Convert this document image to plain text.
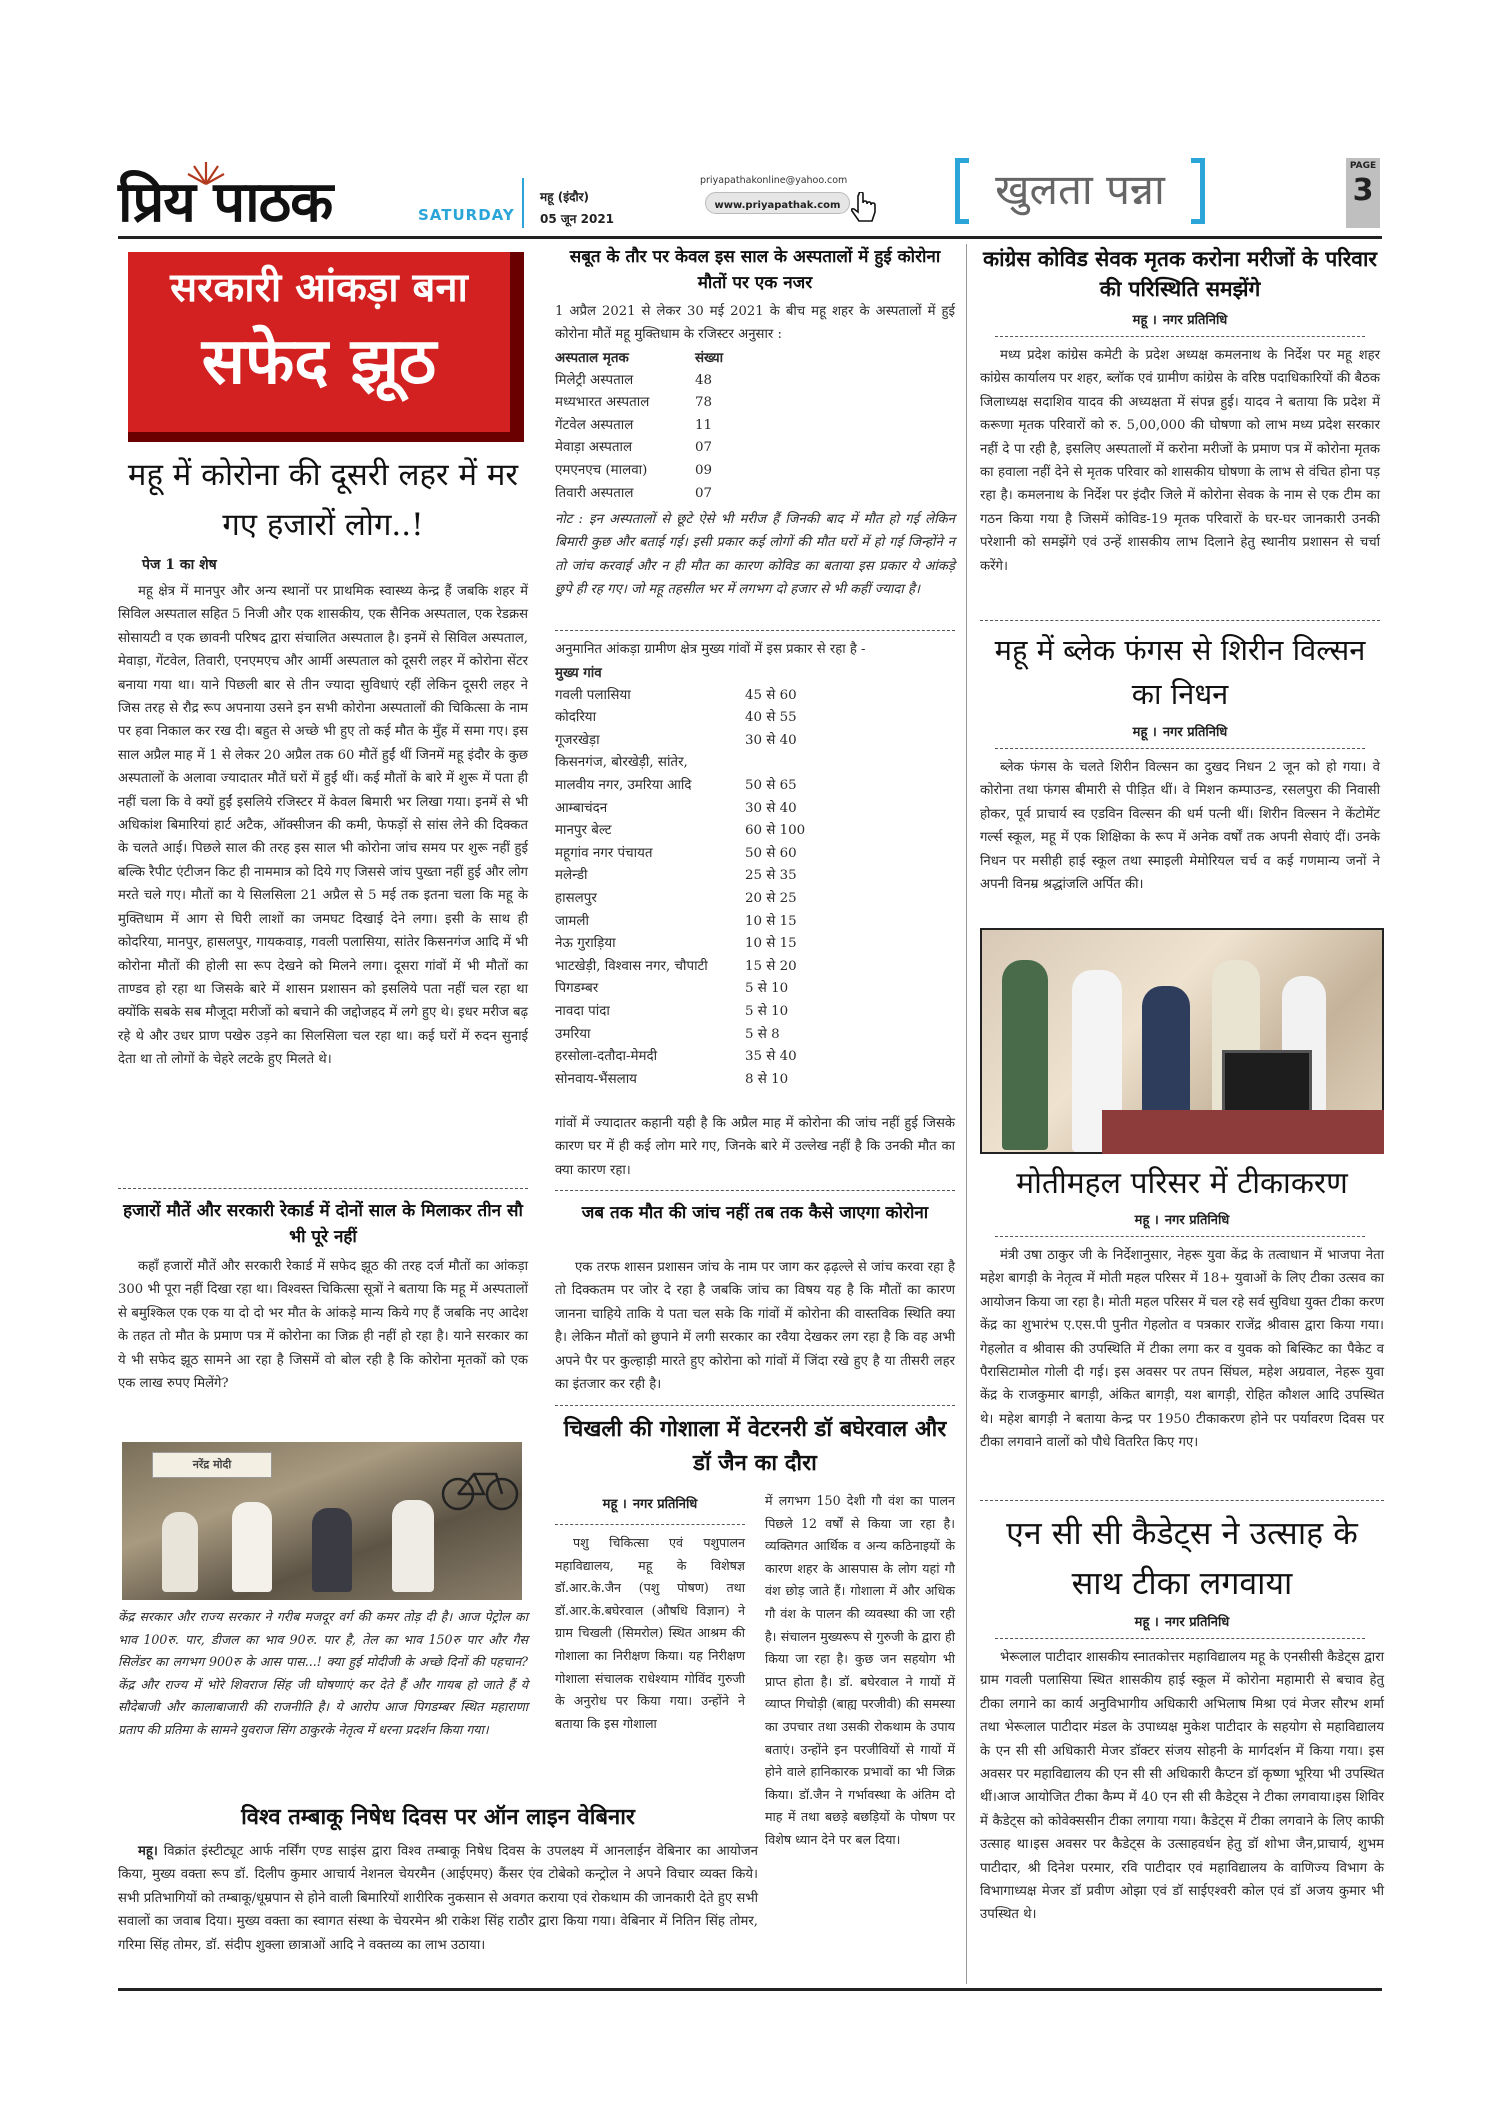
प्रिय पाठक	SATURDAY
महू (इंदौर)
05 जून 2021
priyapathakonline@yahoo.com
www.priyapathak.com	खुलता पन्ना	PAGE
3
सरकारी आंकड़ा बना
सफेद झूठ
महू में कोरोना की दूसरी लहर में मर गए हजारों लोग..!
पेज 1 का शेष
महू क्षेत्र में मानपुर और अन्य स्थानों पर प्राथमिक स्वास्थ्य केन्द्र हैं जबकि शहर में सिविल अस्पताल सहित 5 निजी और एक शासकीय, एक सैनिक अस्पताल, एक रेडक्रस सोसायटी व एक छावनी परिषद द्वारा संचालित अस्पताल है। इनमें से सिविल अस्पताल, मेवाड़ा, गेंटवेल, तिवारी, एनएमएच और आर्मी अस्पताल को दूसरी लहर में कोरोना सेंटर बनाया गया था। याने पिछली बार से तीन ज्यादा सुविधाएं रहीं लेकिन दूसरी लहर ने जिस तरह से रौद्र रूप अपनाया उसने इन सभी कोरोना अस्पतालों की चिकित्सा के नाम पर हवा निकाल कर रख दी। बहुत से अच्छे भी हुए तो कई मौत के मुँह में समा गए। इस साल अप्रैल माह में 1 से लेकर 20 अप्रैल तक 60 मौतें हुईं थीं जिनमें महू इंदौर के कुछ अस्पतालों के अलावा ज्यादातर मौतें घरों में हुईं थीं। कई मौतों के बारे में शुरू में पता ही नहीं चला कि वे क्यों हुईं इसलिये रजिस्टर में केवल बिमारी भर लिखा गया। इनमें से भी अधिकांश बिमारियां हार्ट अटैक, ऑक्सीजन की कमी, फेफड़ों से सांस लेने की दिक्कत के चलते आई। पिछले साल की तरह इस साल भी कोरोना जांच समय पर शुरू नहीं हुई बल्कि रैपीट एंटीजन किट ही नाममात्र को दिये गए जिससे जांच पुख्ता नहीं हुई और लोग मरते चले गए। मौतों का ये सिलसिला 21 अप्रैल से 5 मई तक इतना चला कि महू के मुक्तिधाम में आग से घिरी लाशों का जमघट दिखाई देने लगा। इसी के साथ ही कोदरिया, मानपुर, हासलपुर, गायकवाड़, गवली पलासिया, सांतेर किसनगंज आदि में भी कोरोना मौतों की होली सा रूप देखने को मिलने लगा। दूसरा गांवों में भी मौतों का ताण्डव हो रहा था जिसके बारे में शासन प्रशासन को इसलिये पता नहीं चल रहा था क्योंकि सबके सब मौजूदा मरीजों को बचाने की जद्दोजहद में लगे हुए थे। इधर मरीज बढ़ रहे थे और उधर प्राण पखेरु उड़ने का सिलसिला चल रहा था। कई घरों में रुदन सुनाई देता था तो लोगों के चेहरे लटके हुए मिलते थे।
हजारों मौतें और सरकारी रेकार्ड में दोनों साल के मिलाकर तीन सौ भी पूरे नहीं
कहाँ हजारों मौतें और सरकारी रेकार्ड में सफेद झूठ की तरह दर्ज मौतों का आंकड़ा 300 भी पूरा नहीं दिखा रहा था। विश्वस्त चिकित्सा सूत्रों ने बताया कि महू में अस्पतालों से बमुश्किल एक एक या दो दो भर मौत के आंकड़े मान्य किये गए हैं जबकि नए आदेश के तहत तो मौत के प्रमाण पत्र में कोरोना का जिक्र ही नहीं हो रहा है। याने सरकार का ये भी सफेद झूठ सामने आ रहा है जिसमें वो बोल रही है कि कोरोना मृतकों को एक एक लाख रुपए मिलेंगे?
नरेंद्र मोदी
केंद्र सरकार और राज्य सरकार ने गरीब मजदूर वर्ग की कमर तोड़ दी है। आज पेट्रोल का भाव 100रु. पार, डीजल का भाव 90रु. पार है, तेल का भाव 150रु पार और गैस सिलेंडर का लगभग 900रु के आस पास...! क्या हुई मोदीजी के अच्छे दिनों की पहचान? केंद्र और राज्य में भोरे शिवराज सिंह जी घोषणाएं कर देते हैं और गायब हो जाते हैं ये सौदेबाजी और कालाबाजारी की राजनीति है। ये आरोप आज पिगडम्बर स्थित महाराणा प्रताप की प्रतिमा के सामने युवराज सिंग ठाकुरके नेतृत्व में धरना प्रदर्शन किया गया।
विश्व तम्बाकू निषेध दिवस पर ऑन लाइन वेबिनार
महू। विक्रांत इंस्टीट्यूट आर्फ नर्सिंग एण्ड साइंस द्वारा विश्व तम्बाकू निषेध दिवस के उपलक्ष्य में आनलाईन वेबिनार का आयोजन किया, मुख्य वक्ता रूप डॉ. दिलीप कुमार आचार्य नेशनल चेयरमैन (आईएमए) कैंसर एंव टोबेको कन्ट्रोल ने अपने विचार व्यक्त किये। सभी प्रतिभागियों को तम्बाकू/धूम्रपान से होने वाली बिमारियों शारीरिक नुकसान से अवगत कराया एवं रोकथाम की जानकारी देते हुए सभी सवालों का जवाब दिया। मुख्य वक्ता का स्वागत संस्था के चेयरमेन श्री राकेश सिंह राठौर द्वारा किया गया। वेबिनार में नितिन सिंह तोमर, गरिमा सिंह तोमर, डॉ. संदीप शुक्ला छात्राओं आदि ने वक्तव्य का लाभ उठाया।
सबूत के तौर पर केवल इस साल के अस्पतालों में हुई कोरोना मौतों पर एक नजर
1 अप्रैल 2021 से लेकर 30 मई 2021 के बीच महू शहर के अस्पतालों में हुई कोरोना मौतें महू मुक्तिधाम के रजिस्टर अनुसार :
अस्पताल मृतक	संख्या
मिलेट्री अस्पताल	48
मध्यभारत अस्पताल	78
गेंटवेल अस्पताल	11
मेवाड़ा अस्पताल	07
एमएनएच (मालवा)	09
तिवारी अस्पताल	07
नोट : इन अस्पतालों से छूटे ऐसे भी मरीज हैं जिनकी बाद में मौत हो गई लेकिन बिमारी कुछ और बताई गई। इसी प्रकार कई लोगों की मौत घरों में हो गई जिन्होंने न तो जांच करवाई और न ही मौत का कारण कोविड का बताया इस प्रकार ये आंकड़े छुपे ही रह गए। जो महू तहसील भर में लगभग दो हजार से भी कहीं ज्यादा है।
अनुमानित आंकड़ा ग्रामीण क्षेत्र मुख्य गांवों में इस प्रकार से रहा है -
मुख्य गांव	
गवली पलासिया	45 से 60
कोदरिया	40 से 55
गूजरखेड़ा	30 से 40
किसनगंज, बोरखेड़ी, सांतेर,	
मालवीय नगर, उमरिया आदि	50 से 65
आम्बाचंदन	30 से 40
मानपुर बेल्ट	60 से 100
महूगांव नगर पंचायत	50 से 60
मलेन्डी	25 से 35
हासलपुर	20 से 25
जामली	10 से 15
नेऊ गुराड़िया	10 से 15
भाटखेड़ी, विश्वास नगर, चौपाटी	15 से 20
पिगडम्बर	5 से 10
नावदा पांदा	5 से 10
उमरिया	5 से 8
हरसोला-दतौदा-मेमदी	35 से 40
सोनवाय-भैंसलाय	8 से 10
गांवों में ज्यादातर कहानी यही है कि अप्रैल माह में कोरोना की जांच नहीं हुई जिसके कारण घर में ही कई लोग मारे गए, जिनके बारे में उल्लेख नहीं है कि उनकी मौत का क्या कारण रहा।
जब तक मौत की जांच नहीं तब तक कैसे जाएगा कोरोना
एक तरफ शासन प्रशासन जांच के नाम पर जाग कर ढ़ढ़ल्ले से जांच करवा रहा है तो दिक्कतम पर जोर दे रहा है जबकि जांच का विषय यह है कि मौतों का कारण जानना चाहिये ताकि ये पता चल सके कि गांवों में कोरोना की वास्तविक स्थिति क्या है। लेकिन मौतों को छुपाने में लगी सरकार का रवैया देखकर लग रहा है कि वह अभी अपने पैर पर कुल्हाड़ी मारते हुए कोरोना को गांवों में जिंदा रखे हुए है या तीसरी लहर का इंतजार कर रही है।
चिखली की गोशाला में वेटरनरी डॉ बघेरवाल और डॉ जैन का दौरा
महू । नगर प्रतिनिधि
पशु चिकित्सा एवं पशुपालन महाविद्यालय, महू के विशेषज्ञ डॉ.आर.के.जैन (पशु पोषण) तथा डॉ.आर.के.बघेरवाल (औषधि विज्ञान) ने ग्राम चिखली (सिमरोल) स्थित आश्रम की गोशाला का निरीक्षण किया। यह निरीक्षण गोशाला संचालक राधेश्याम गोविंद गुरुजी के अनुरोध पर किया गया। उन्होंने ने बताया कि इस गोशाला
में लगभग 150 देशी गौ वंश का पालन पिछले 12 वर्षों से किया जा रहा है। व्यक्तिगत आर्थिक व अन्य कठिनाइयों के कारण शहर के आसपास के लोग यहां गौ वंश छोड़ जाते हैं। गोशाला में और अधिक गौ वंश के पालन की व्यवस्था की जा रही है। संचालन मुख्यरूप से गुरुजी के द्वारा ही किया जा रहा है। कुछ जन सहयोग भी प्राप्त होता है। डॉ. बघेरवाल ने गायों में व्याप्त गिचोड़ी (बाह्य परजीवी) की समस्या का उपचार तथा उसकी रोकथाम के उपाय बताएं। उन्होंने इन परजीवियों से गायों में होने वाले हानिकारक प्रभावों का भी जिक्र किया। डॉ.जैन ने गर्भावस्था के अंतिम दो माह में तथा बछड़े बछड़ियों के पोषण पर विशेष ध्यान देने पर बल दिया।
कांग्रेस कोविड सेवक मृतक करोना मरीजों के परिवार की परिस्थिति समझेंगे
महू । नगर प्रतिनिधि
मध्य प्रदेश कांग्रेस कमेटी के प्रदेश अध्यक्ष कमलनाथ के निर्देश पर महू शहर कांग्रेस कार्यालय पर शहर, ब्लॉक एवं ग्रामीण कांग्रेस के वरिष्ठ पदाधिकारियों की बैठक जिलाध्यक्ष सदाशिव यादव की अध्यक्षता में संपन्न हुई। यादव ने बताया कि प्रदेश में करूणा मृतक परिवारों को रु. 5,00,000 की घोषणा को लाभ मध्य प्रदेश सरकार नहीं दे पा रही है, इसलिए अस्पतालों में करोना मरीजों के प्रमाण पत्र में कोरोना मृतक का हवाला नहीं देने से मृतक परिवार को शासकीय घोषणा के लाभ से वंचित होना पड़ रहा है। कमलनाथ के निर्देश पर इंदौर जिले में कोरोना सेवक के नाम से एक टीम का गठन किया गया है जिसमें कोविड-19 मृतक परिवारों के घर-घर जानकारी उनकी परेशानी को समझेंगे एवं उन्हें शासकीय लाभ दिलाने हेतु स्थानीय प्रशासन से चर्चा करेंगे।
महू में ब्लेक फंगस से शिरीन विल्सन का निधन
महू । नगर प्रतिनिधि
ब्लेक फंगस के चलते शिरीन विल्सन का दुखद निधन 2 जून को हो गया। वे कोरोना तथा फंगस बीमारी से पीड़ित थीं। वे मिशन कम्पाउन्ड, रसलपुरा की निवासी होकर, पूर्व प्राचार्य स्व एडविन विल्सन की धर्म पत्नी थीं। शिरीन विल्सन ने केंटोमेंट गर्ल्स स्कूल, महू में एक शिक्षिका के रूप में अनेक वर्षों तक अपनी सेवाएं दीं। उनके निधन पर मसीही हाई स्कूल तथा स्माइली मेमोरियल चर्च व कई गणमान्य जनों ने अपनी विनम्र श्रद्धांजलि अर्पित की।
मोतीमहल परिसर में टीकाकरण
महू । नगर प्रतिनिधि
मंत्री उषा ठाकुर जी के निर्देशानुसार, नेहरू युवा केंद्र के तत्वाधान में भाजपा नेता महेश बागड़ी के नेतृत्व में मोती महल परिसर में 18+ युवाओं के लिए टीका उत्सव का आयोजन किया जा रहा है। मोती महल परिसर में चल रहे सर्व सुविधा युक्त टीका करण केंद्र का शुभारंभ ए.एस.पी पुनीत गेहलोत व पत्रकार राजेंद्र श्रीवास द्वारा किया गया। गेहलोत व श्रीवास की उपस्थिति में टीका लगा कर व युवक को बिस्किट का पैकेट व पैरासिटामोल गोली दी गई। इस अवसर पर तपन सिंघल, महेश अग्रवाल, नेहरू युवा केंद्र के राजकुमार बागड़ी, अंकित बागड़ी, यश बागड़ी, रोहित कौशल आदि उपस्थित थे। महेश बागड़ी ने बताया केन्द्र पर 1950 टीकाकरण होने पर पर्यावरण दिवस पर टीका लगवाने वालों को पौधे वितरित किए गए।
एन सी सी कैडेट्स ने उत्साह के साथ टीका लगवाया
महू । नगर प्रतिनिधि
भेरूलाल पाटीदार शासकीय स्नातकोत्तर महाविद्यालय महू के एनसीसी कैडेट्स द्वारा ग्राम गवली पलासिया स्थित शासकीय हाई स्कूल में कोरोना महामारी से बचाव हेतु टीका लगाने का कार्य अनुविभागीय अधिकारी अभिलाष मिश्रा एवं मेजर सौरभ शर्मा तथा भेरूलाल पाटीदार मंडल के उपाध्यक्ष मुकेश पाटीदार के सहयोग से महाविद्यालय के एन सी सी अधिकारी मेजर डॉक्टर संजय सोहनी के मार्गदर्शन में किया गया। इस अवसर पर महाविद्यालय की एन सी सी अधिकारी कैप्टन डॉ कृष्णा भूरिया भी उपस्थित थीं।आज आयोजित टीका कैम्प में 40 एन सी सी कैडेट्स ने टीका लगवाया।इस शिविर में कैडेट्स को कोवेक्ससीन टीका लगाया गया। कैडेट्स में टीका लगवाने के लिए काफी उत्साह था।इस अवसर पर कैडेट्स के उत्साहवर्धन हेतु डॉ शोभा जैन,प्राचार्य, शुभम पाटीदार, श्री दिनेश परमार, रवि पाटीदार एवं महाविद्यालय के वाणिज्य विभाग के विभागाध्यक्ष मेजर डॉ प्रवीण ओझा एवं डॉ साईएश्वरी कोल एवं डॉ अजय कुमार भी उपस्थित थे।
